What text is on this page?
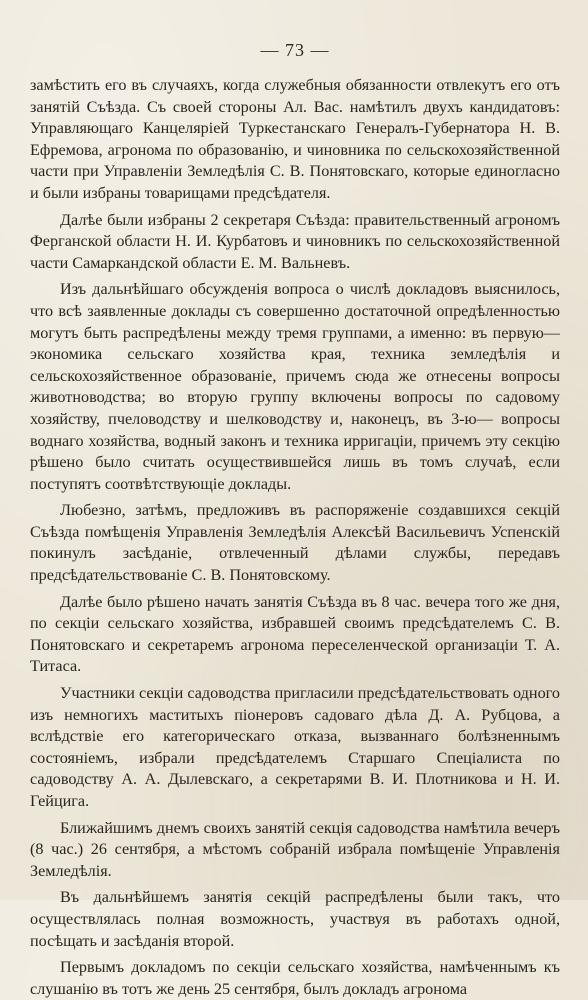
— 73 —

замѣстить его въ случаяхъ, когда служебныя обязанности отвлекутъ его отъ занятій Съѣзда. Съ своей стороны Ал. Вас. намѣтилъ двухъ кандидатовъ: Управляющаго Канцеляріей Туркестанскаго Генералъ-Губернатора Н. В. Ефремова, агронома по образованію, и чиновника по сельскохозяйственной части при Управленіи Земледѣлія С. В. Понятовскаго, которые единогласно и были избраны товарищами предсѣдателя.

Далѣе были избраны 2 секретаря Съѣзда: правительственный агрономъ Ферганской области Н. И. Курбатовъ и чиновникъ по сельскохозяйственной части Самаркандской области Е. М. Вальневъ.

Изъ дальнѣйшаго обсужденія вопроса о числѣ докладовъ выяснилось, что всѣ заявленные доклады съ совершенно достаточной опредѣленностью могутъ быть распредѣлены между тремя группами, а именно: въ первую—экономика сельскаго хозяйства края, техника земледѣлія и сельскохозяйственное образованіе, причемъ сюда же отнесены вопросы животноводства; во вторую группу включены вопросы по садовому хозяйству, пчеловодству и шелководству и, наконецъ, въ 3-ю— вопросы воднаго хозяйства, водный законъ и техника ирригаціи, причемъ эту секцію рѣшено было считать осуществившейся лишь въ томъ случаѣ, если поступятъ соотвѣтствующіе доклады.

Любезно, затѣмъ, предложивъ въ распоряженіе создавшихся секцій Съѣзда помѣщенія Управленія Земледѣлія Алексѣй Васильевичъ Успенскій покинулъ засѣданіе, отвлеченный дѣлами службы, передавъ предсѣдательствованіе С. В. Понятовскому.

Далѣе было рѣшено начать занятія Съѣзда въ 8 час. вечера того же дня, по секціи сельскаго хозяйства, избравшей своимъ предсѣдателемъ С. В. Понятовскаго и секретаремъ агронома переселенческой организаціи Т. А. Титаса.

Участники секціи садоводства пригласили предсѣдательствовать одного изъ немногихъ маститыхъ піонеровъ садоваго дѣла Д. А. Рубцова, а вслѣдствіе его категорическаго отказа, вызваннаго болѣзненнымъ состояніемъ, избрали предсѣдателемъ Старшаго Спеціалиста по садоводству А. А. Дылевскаго, а секретарями В. И. Плотникова и Н. И. Гейцига.

Ближайшимъ днемъ своихъ занятій секція садоводства намѣтила вечеръ (8 час.) 26 сентября, а мѣстомъ собраній избрала помѣщеніе Управленія Земледѣлія.

Въ дальнѣйшемъ занятія секцій распредѣлены были такъ, что осуществлялась полная возможность, участвуя въ работахъ одной, посѣщать и засѣданія второй.

Первымъ докладомъ по секціи сельскаго хозяйства, намѣченнымъ къ слушанію въ тотъ же день 25 сентября, былъ докладъ агронома
